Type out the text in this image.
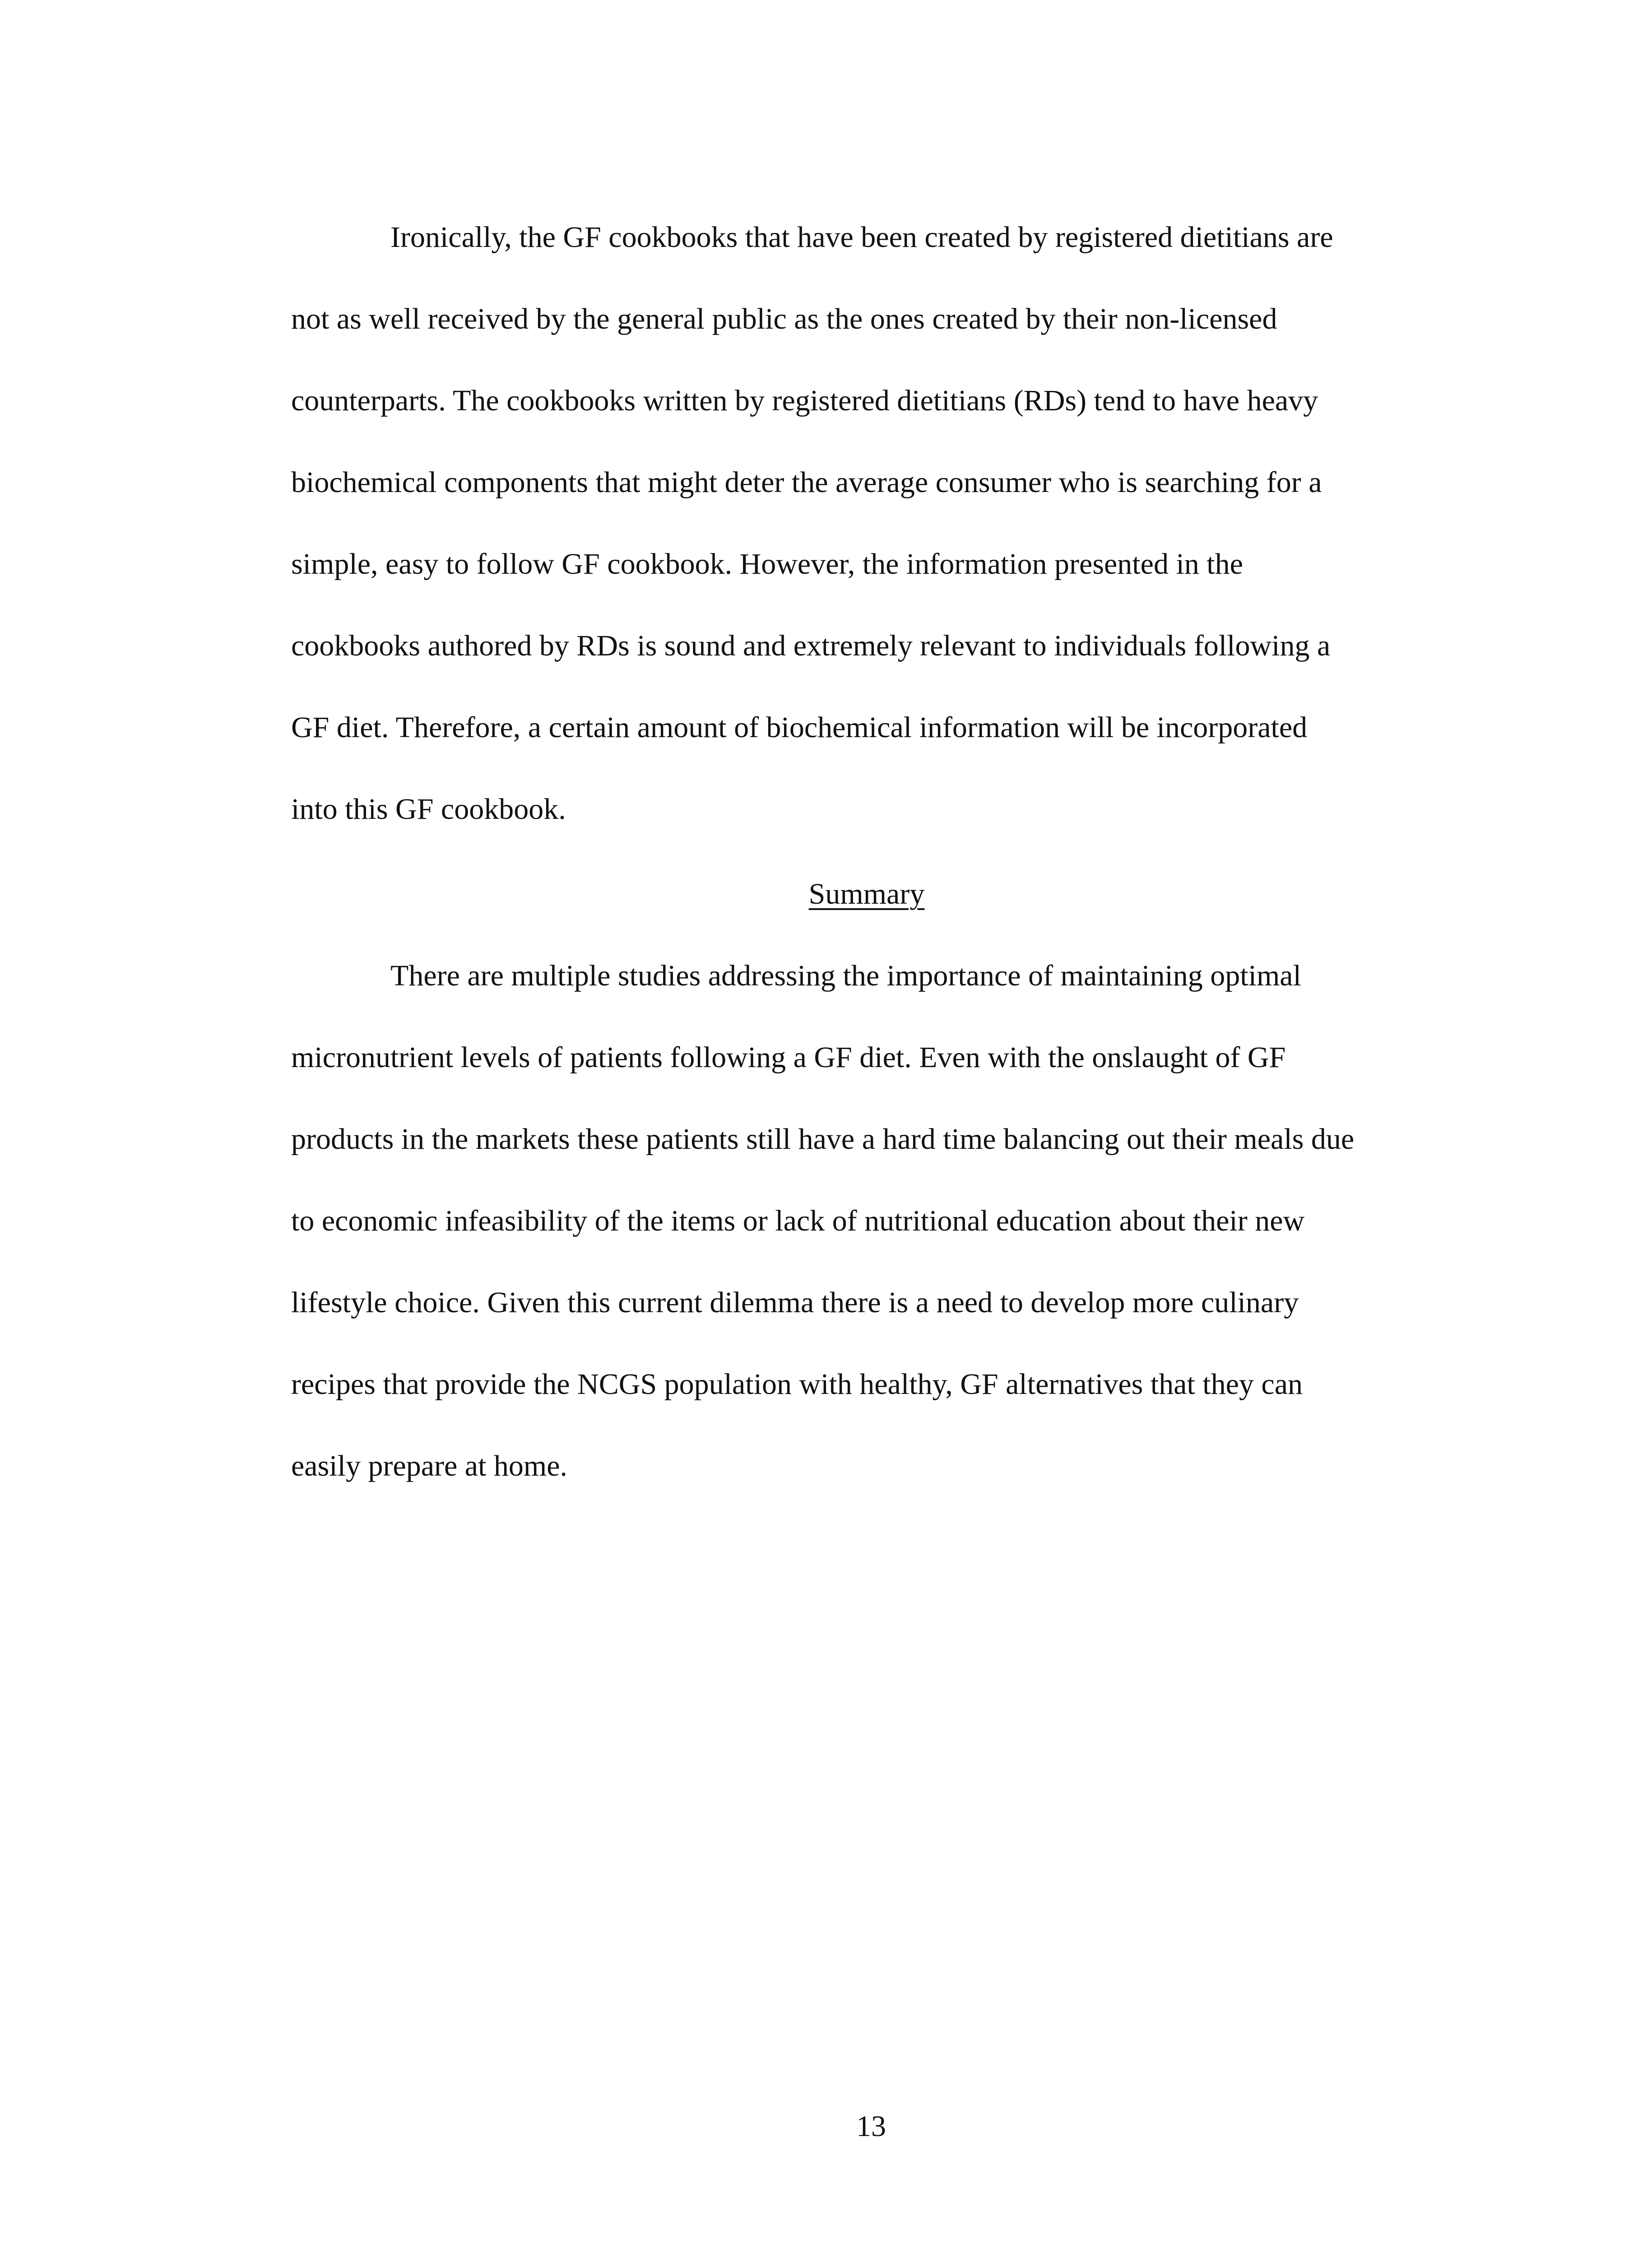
Ironically, the GF cookbooks that have been created by registered dietitians are
not as well received by the general public as the ones created by their non-licensed
counterparts. The cookbooks written by registered dietitians (RDs) tend to have heavy
biochemical components that might deter the average consumer who is searching for a
simple, easy to follow GF cookbook. However, the information presented in the
cookbooks authored by RDs is sound and extremely relevant to individuals following a
GF diet. Therefore, a certain amount of biochemical information will be incorporated
into this GF cookbook.
Summary
There are multiple studies addressing the importance of maintaining optimal
micronutrient levels of patients following a GF diet. Even with the onslaught of GF
products in the markets these patients still have a hard time balancing out their meals due
to economic infeasibility of the items or lack of nutritional education about their new
lifestyle choice. Given this current dilemma there is a need to develop more culinary
recipes that provide the NCGS population with healthy, GF alternatives that they can
easily prepare at home.
13
